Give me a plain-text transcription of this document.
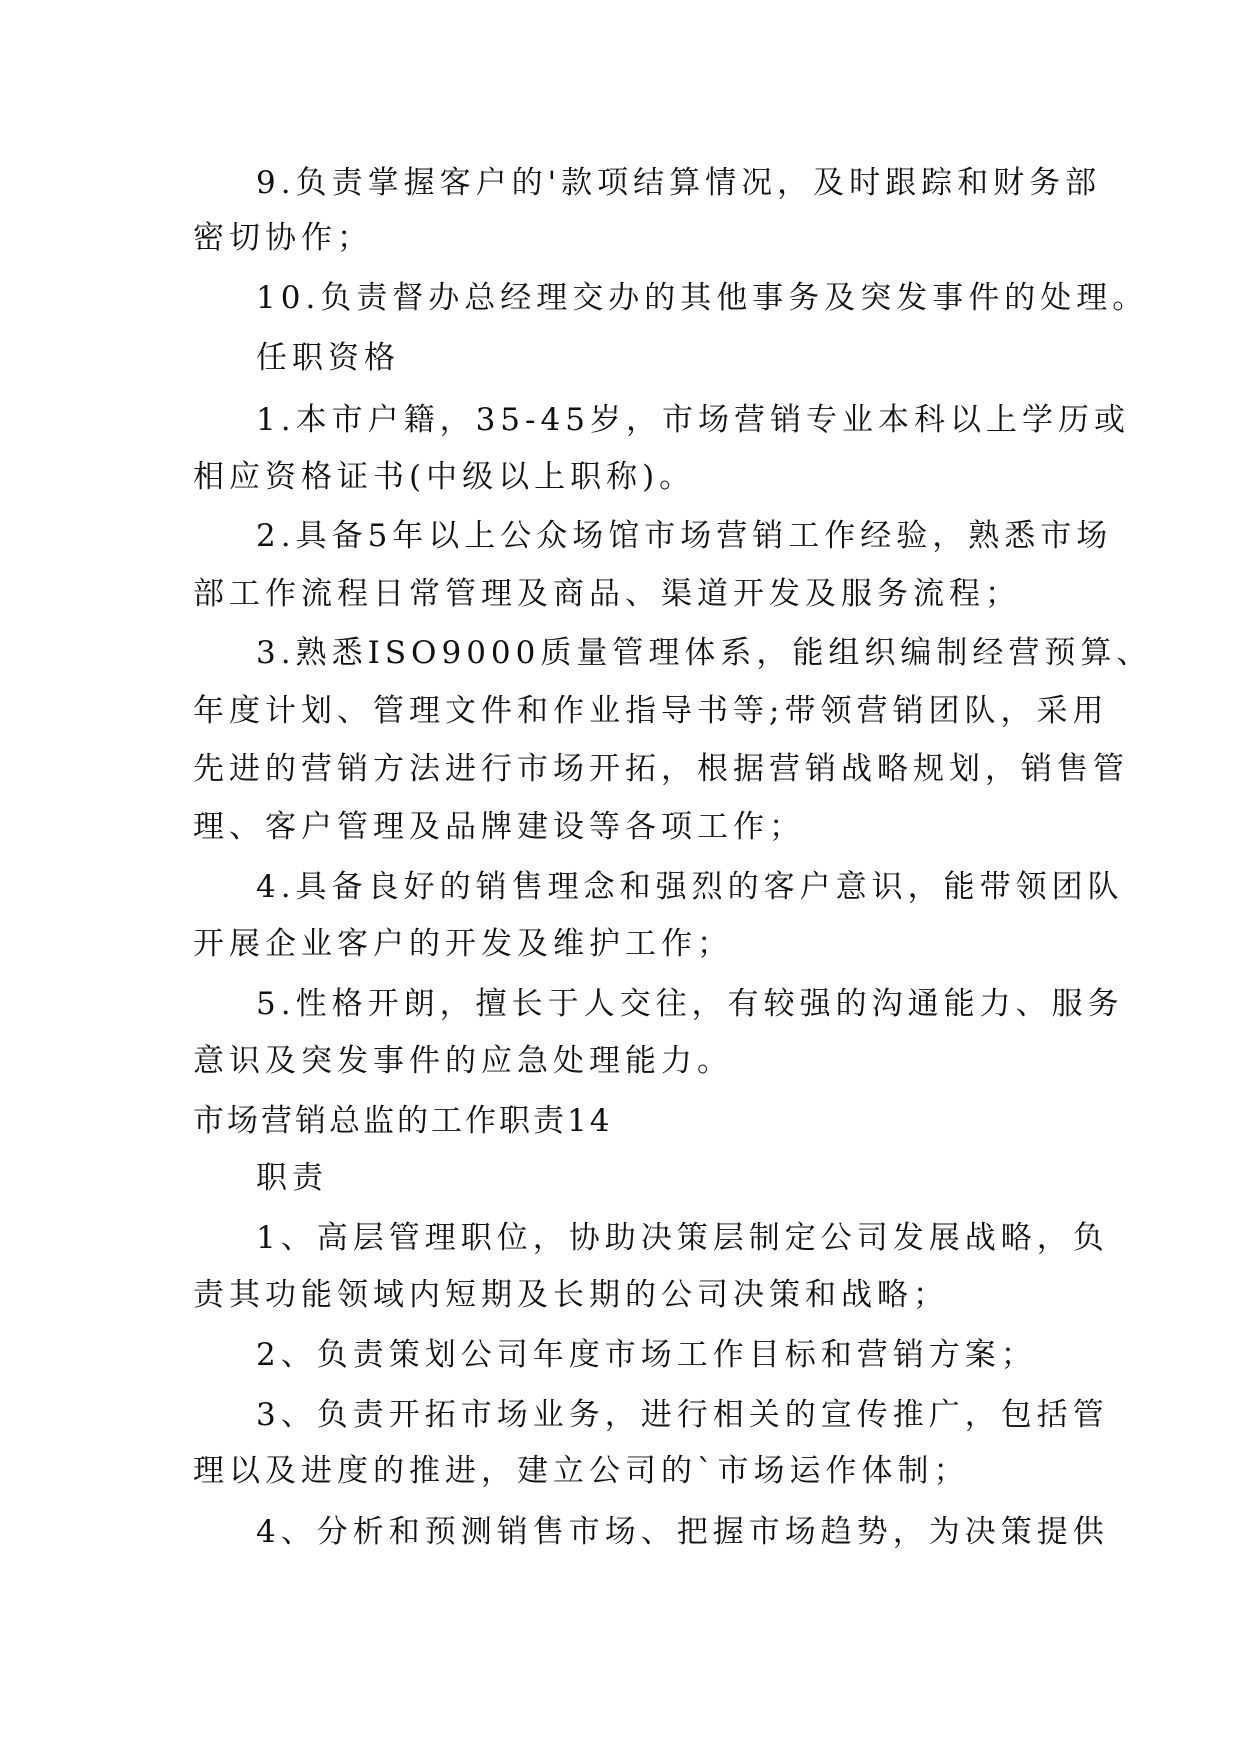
9.负责掌握客户的'款项结算情况，及时跟踪和财务部
密切协作；
10.负责督办总经理交办的其他事务及突发事件的处理。
任职资格
1.本市户籍，35-45岁，市场营销专业本科以上学历或
相应资格证书(中级以上职称)。
2.具备5年以上公众场馆市场营销工作经验，熟悉市场
部工作流程日常管理及商品、渠道开发及服务流程；
3.熟悉ISO9000质量管理体系，能组织编制经营预算、
年度计划、管理文件和作业指导书等;带领营销团队，采用
先进的营销方法进行市场开拓，根据营销战略规划，销售管
理、客户管理及品牌建设等各项工作；
4.具备良好的销售理念和强烈的客户意识，能带领团队
开展企业客户的开发及维护工作；
5.性格开朗，擅长于人交往，有较强的沟通能力、服务
意识及突发事件的应急处理能力。
市场营销总监的工作职责14
职责
1、高层管理职位，协助决策层制定公司发展战略，负
责其功能领域内短期及长期的公司决策和战略；
2、负责策划公司年度市场工作目标和营销方案；
3、负责开拓市场业务，进行相关的宣传推广，包括管
理以及进度的推进，建立公司的`市场运作体制；
4、分析和预测销售市场、把握市场趋势，为决策提供
